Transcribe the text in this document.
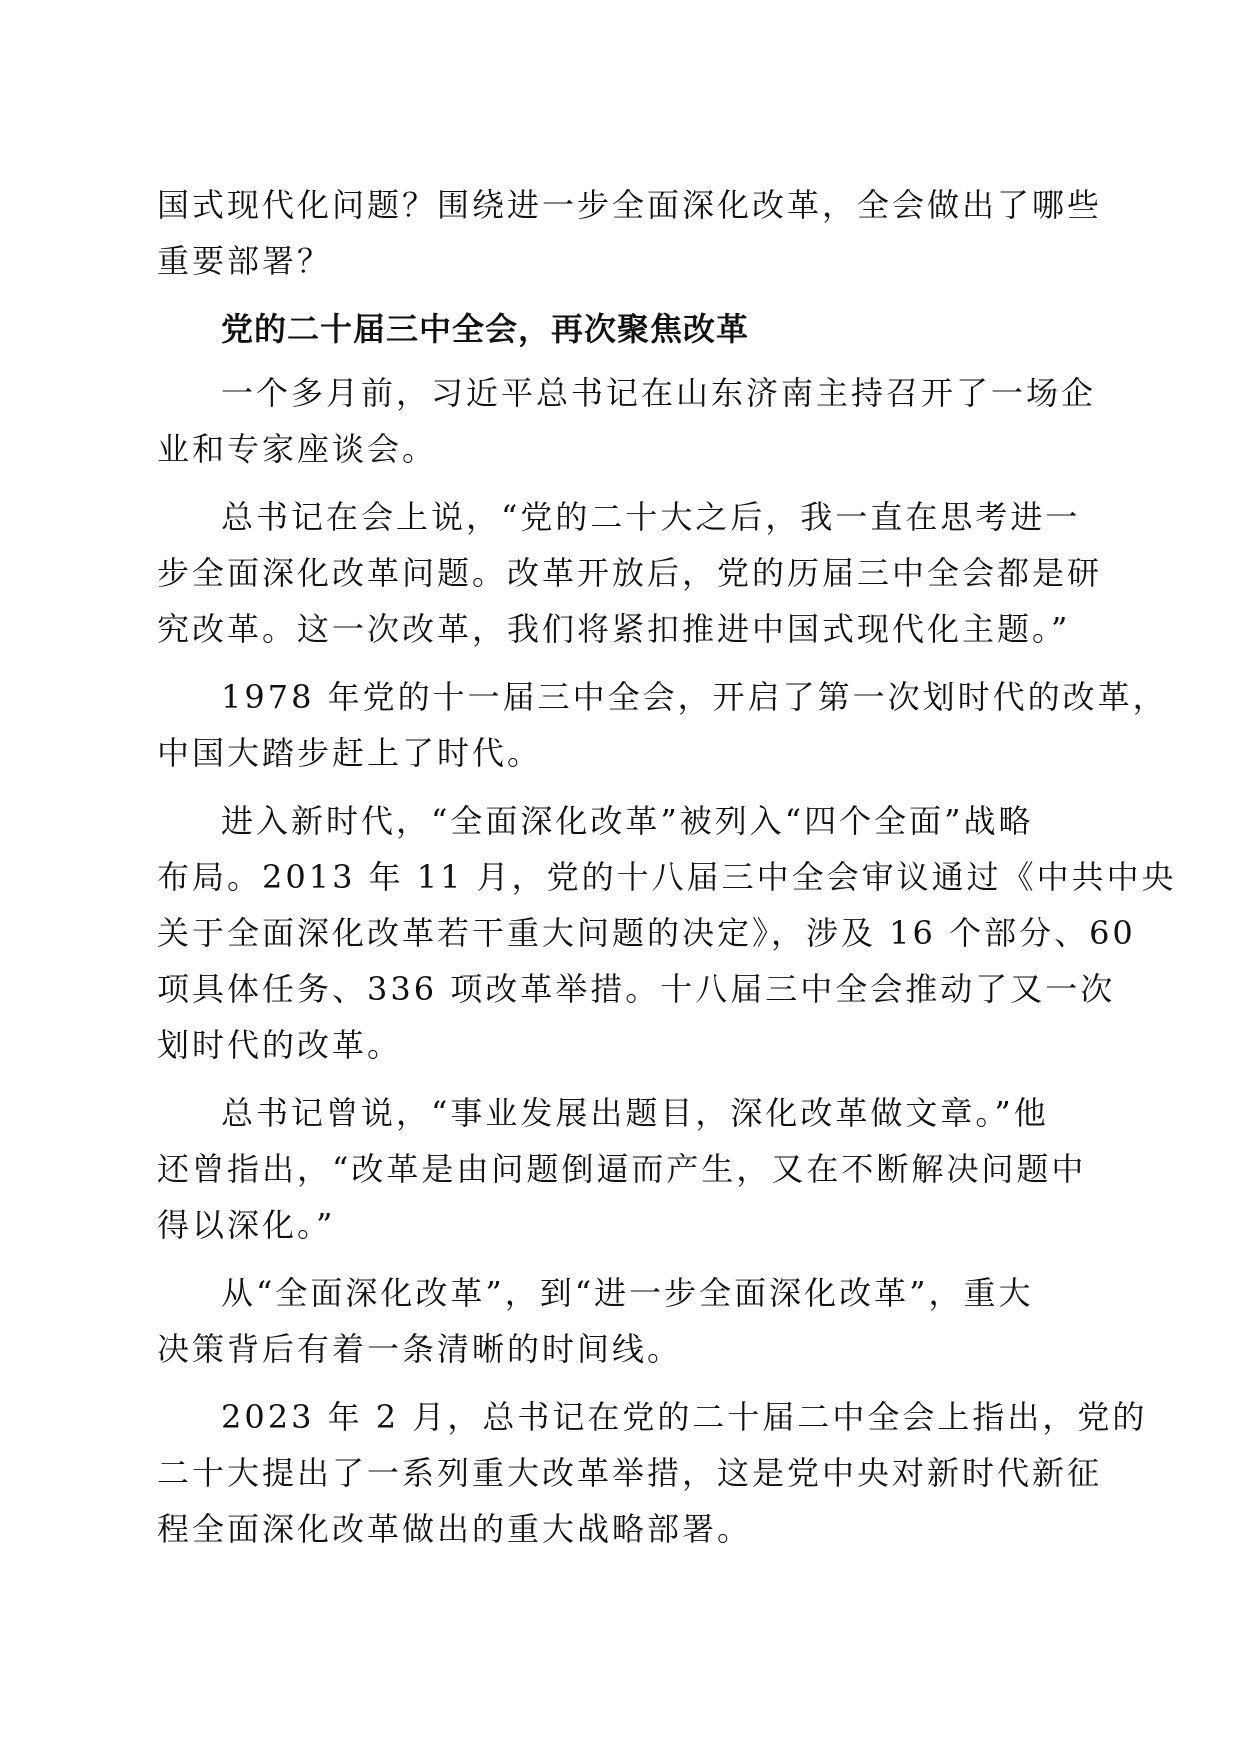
国式现代化问题？围绕进一步全面深化改革，全会做出了哪些
重要部署？
党的二十届三中全会，再次聚焦改革
一个多月前，习近平总书记在山东济南主持召开了一场企
业和专家座谈会。
总书记在会上说，“党的二十大之后，我一直在思考进一
步全面深化改革问题。改革开放后，党的历届三中全会都是研
究改革。这一次改革，我们将紧扣推进中国式现代化主题。”
1978 年党的十一届三中全会，开启了第一次划时代的改革，
中国大踏步赶上了时代。
进入新时代，“全面深化改革”被列入“四个全面”战略
布局。2013 年 11 月，党的十八届三中全会审议通过《中共中央
关于全面深化改革若干重大问题的决定》，涉及 16 个部分、60
项具体任务、336 项改革举措。十八届三中全会推动了又一次
划时代的改革。
总书记曾说，“事业发展出题目，深化改革做文章。”他
还曾指出，“改革是由问题倒逼而产生，又在不断解决问题中
得以深化。”
从“全面深化改革”，到“进一步全面深化改革”，重大
决策背后有着一条清晰的时间线。
2023 年 2 月，总书记在党的二十届二中全会上指出，党的
二十大提出了一系列重大改革举措，这是党中央对新时代新征
程全面深化改革做出的重大战略部署。
